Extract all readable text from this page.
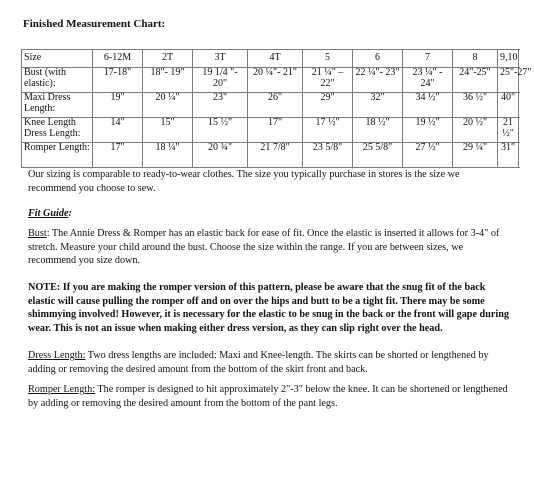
Finished Measurement Chart:
Size	6-12M	2T	3T	4T	5	6	7	8	9,10
Bust (with elastic):	17-18"	18"- 19"	19 1/4 "- 20"	20 ¼"- 21"	21 ¼" – 22"	22 ¼"- 23"	23 ¼" - 24"	24"-25"	25"-27"
Maxi Dress Length:	19"	20 ¼"	23"	26"	29"	32"	34 ½"	36 ½"	40"
Knee Length Dress Length:	14"	15"	15 ½"	17"	17 ½"	18 ½"	19 ½"	20 ½"	21 ½"
Romper Length:	17"	18 ¼"	20 ¾"	21 7/8"	23 5/8"	25 5/8"	27 ½"	29 ¼"	31"
Our sizing is comparable to ready-to-wear clothes. The size you typically purchase in stores is the size we recommend you choose to sew.
Fit Guide:
Bust: The Annie Dress & Romper has an elastic back for ease of fit. Once the elastic is inserted it allows for 3-4" of stretch. Measure your child around the bust. Choose the size within the range. If you are between sizes, we recommend you size down.
NOTE: If you are making the romper version of this pattern, please be aware that the snug fit of the back elastic will cause pulling the romper off and on over the hips and butt to be a tight fit. There may be some shimmying involved! However, it is necessary for the elastic to be snug in the back or the front will gape during wear. This is not an issue when making either dress version, as they can slip right over the head.
Dress Length: Two dress lengths are included: Maxi and Knee-length. The skirts can be shorted or lengthened by adding or removing the desired amount from the bottom of the skirt front and back.
Romper Length: The romper is designed to hit approximately 2"-3" below the knee. It can be shortened or lengthened by adding or removing the desired amount from the bottom of the pant legs.
